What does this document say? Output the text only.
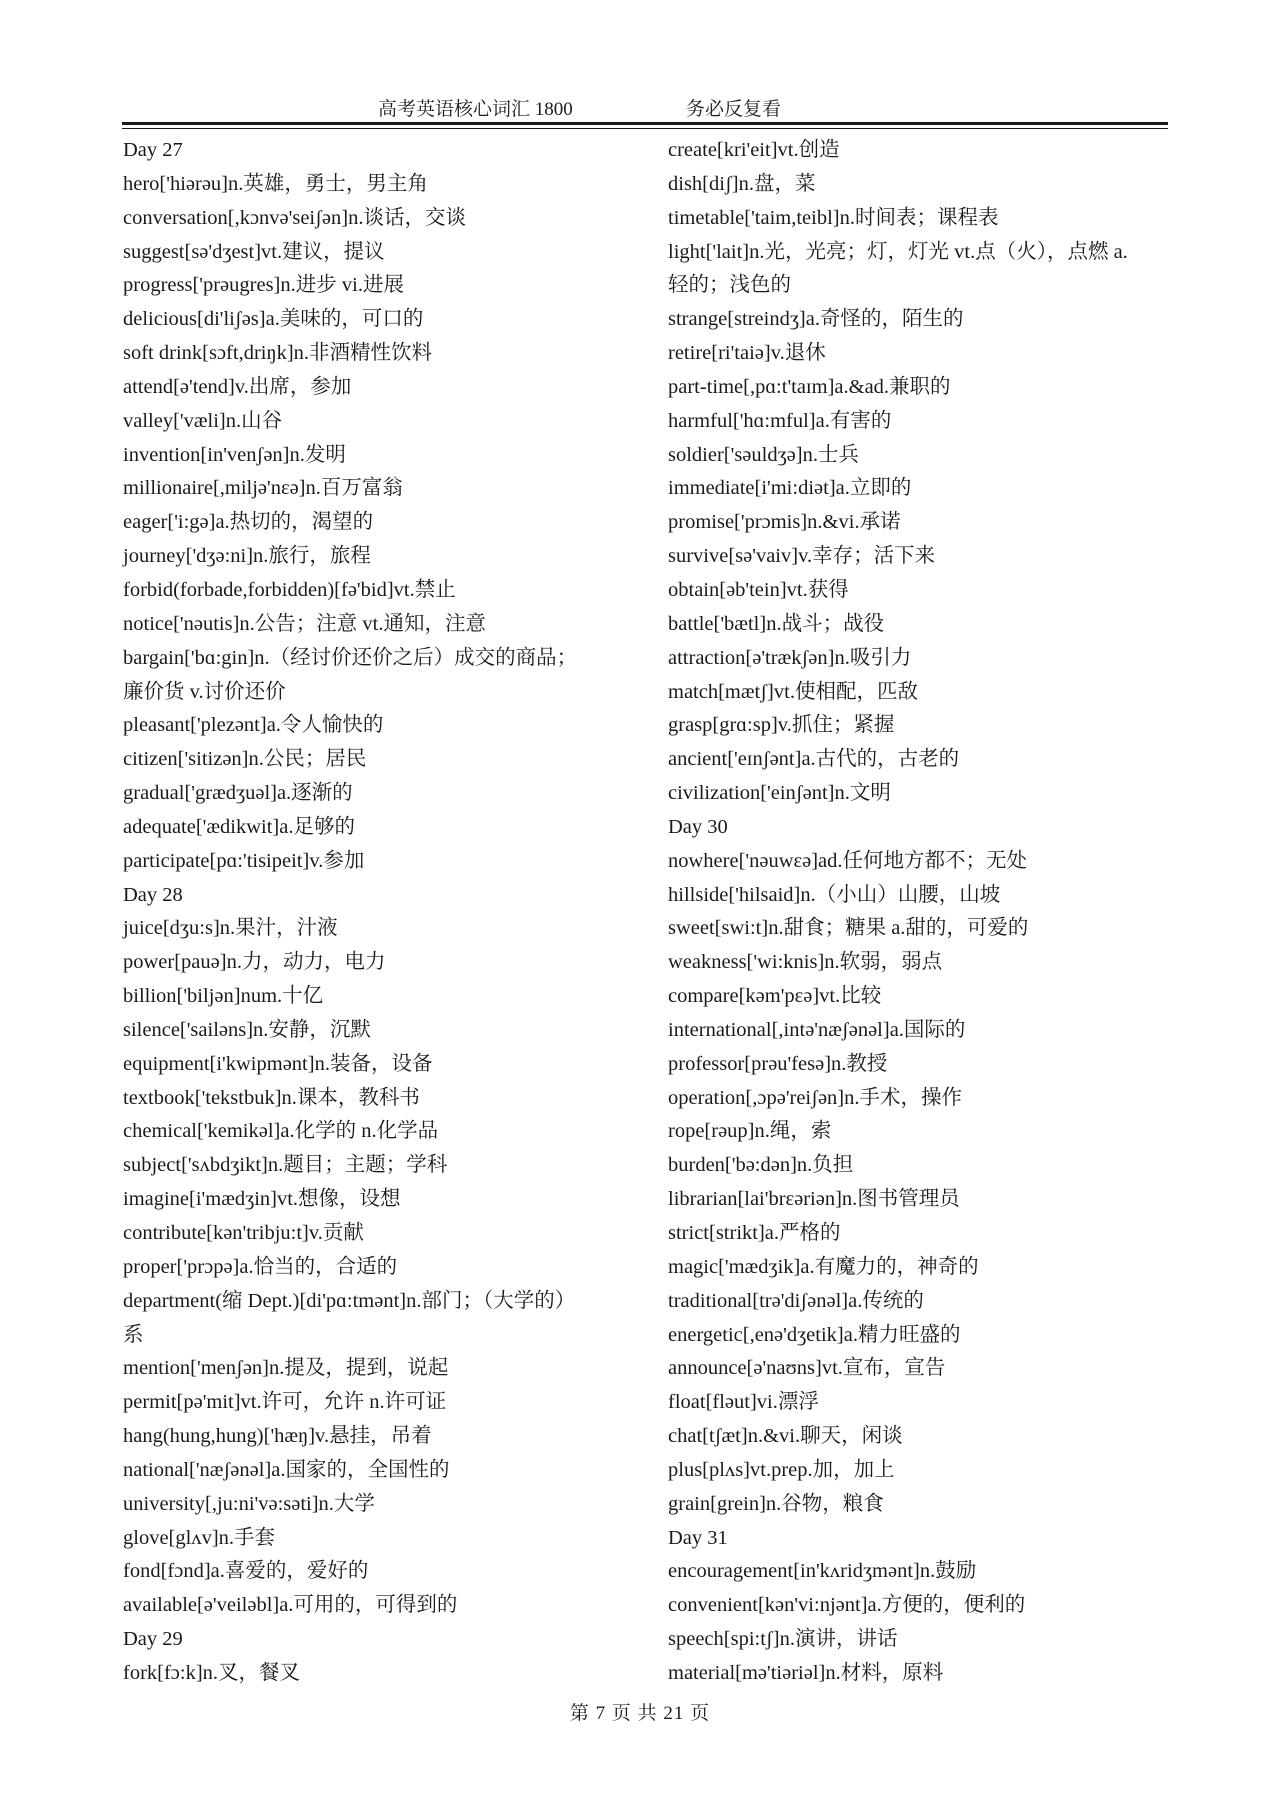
高考英语核心词汇 1800	务必反复看
Day 27
hero['hiərəu]n.英雄，勇士，男主角
conversation[,kɔnvə'seiʃən]n.谈话，交谈
suggest[sə'dʒest]vt.建议，提议
progress['prəugres]n.进步 vi.进展
delicious[di'liʃəs]a.美味的，可口的
soft drink[sɔft,driŋk]n.非酒精性饮料
attend[ə'tend]v.出席，参加
valley['væli]n.山谷
invention[in'venʃən]n.发明
millionaire[,miljə'nɛə]n.百万富翁
eager['i:gə]a.热切的，渴望的
journey['dʒə:ni]n.旅行，旅程
forbid(forbade,forbidden)[fə'bid]vt.禁止
notice['nəutis]n.公告；注意 vt.通知，注意
bargain['bɑ:gin]n.（经讨价还价之后）成交的商品；
廉价货 v.讨价还价
pleasant['plezənt]a.令人愉快的
citizen['sitizən]n.公民；居民
gradual['grædʒuəl]a.逐渐的
adequate['ædikwit]a.足够的
participate[pɑ:'tisipeit]v.参加
Day 28
juice[dʒu:s]n.果汁，汁液
power[pauə]n.力，动力，电力
billion['biljən]num.十亿
silence['sailəns]n.安静，沉默
equipment[i'kwipmənt]n.装备，设备
textbook['tekstbuk]n.课本，教科书
chemical['kemikəl]a.化学的 n.化学品
subject['sʌbdʒikt]n.题目；主题；学科
imagine[i'mædʒin]vt.想像，设想
contribute[kən'tribju:t]v.贡献
proper['prɔpə]a.恰当的，合适的
department(缩 Dept.)[di'pɑ:tmənt]n.部门；（大学的）
系
mention['menʃən]n.提及，提到，说起
permit[pə'mit]vt.许可，允许 n.许可证
hang(hung,hung)['hæŋ]v.悬挂，吊着
national['næʃənəl]a.国家的，全国性的
university[,ju:ni'və:səti]n.大学
glove[glʌv]n.手套
fond[fɔnd]a.喜爱的，爱好的
available[ə'veiləbl]a.可用的，可得到的
Day 29
fork[fɔ:k]n.叉，餐叉
create[kri'eit]vt.创造
dish[diʃ]n.盘，菜
timetable['taim,teibl]n.时间表；课程表
light['lait]n.光，光亮；灯，灯光 vt.点（火），点燃 a.
轻的；浅色的
strange[streindʒ]a.奇怪的，陌生的
retire[ri'taiə]v.退休
part-time[,pɑ:t'taɪm]a.&ad.兼职的
harmful['hɑ:mful]a.有害的
soldier['səuldʒə]n.士兵
immediate[i'mi:diət]a.立即的
promise['prɔmis]n.&vi.承诺
survive[sə'vaiv]v.幸存；活下来
obtain[əb'tein]vt.获得
battle['bætl]n.战斗；战役
attraction[ə'trækʃən]n.吸引力
match[mætʃ]vt.使相配，匹敌
grasp[grɑ:sp]v.抓住；紧握
ancient['eɪnʃənt]a.古代的，古老的
civilization['einʃənt]n.文明
Day 30
nowhere['nəuwɛə]ad.任何地方都不；无处
hillside['hilsaid]n.（小山）山腰，山坡
sweet[swi:t]n.甜食；糖果 a.甜的，可爱的
weakness['wi:knis]n.软弱，弱点
compare[kəm'pɛə]vt.比较
international[,intə'næʃənəl]a.国际的
professor[prəu'fesə]n.教授
operation[,ɔpə'reiʃən]n.手术，操作
rope[rəup]n.绳，索
burden['bə:dən]n.负担
librarian[lai'brɛəriən]n.图书管理员
strict[strikt]a.严格的
magic['mædʒik]a.有魔力的，神奇的
traditional[trə'diʃənəl]a.传统的
energetic[,enə'dʒetik]a.精力旺盛的
announce[ə'naʊns]vt.宣布，宣告
float[fləut]vi.漂浮
chat[tʃæt]n.&vi.聊天，闲谈
plus[plʌs]vt.prep.加，加上
grain[grein]n.谷物，粮食
Day 31
encouragement[in'kʌridʒmənt]n.鼓励
convenient[kən'vi:njənt]a.方便的，便利的
speech[spi:tʃ]n.演讲，讲话
material[mə'tiəriəl]n.材料，原料
第 7 页 共 21 页
